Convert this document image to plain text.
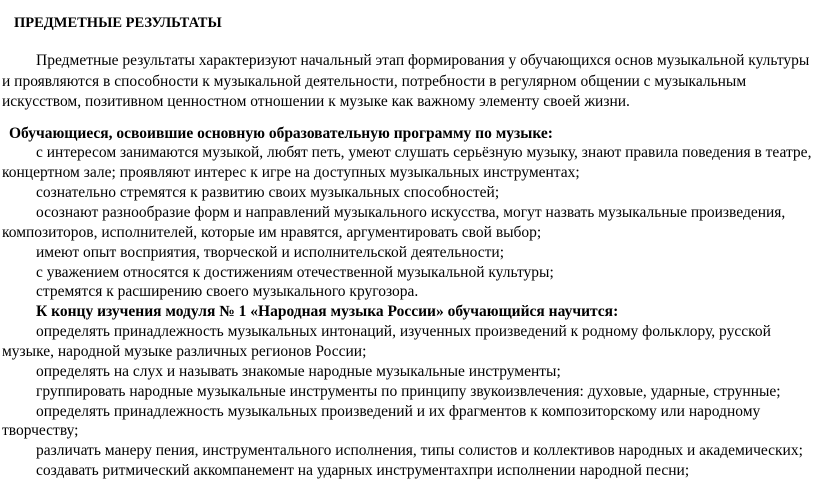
ПРЕДМЕТНЫЕ РЕЗУЛЬТАТЫ
Предметные результаты характеризуют начальный этап формирования у обучающихся основ музыкальной культуры
и проявляются в способности к музыкальной деятельности, потребности в регулярном общении с музыкальным
искусством, позитивном ценностном отношении к музыке как важному элементу своей жизни.
Обучающиеся, освоившие основную образовательную программу по музыке:
с интересом занимаются музыкой, любят петь, умеют слушать серьёзную музыку, знают правила поведения в театре,
концертном зале; проявляют интерес к игре на доступных музыкальных инструментах;
сознательно стремятся к развитию своих музыкальных способностей;
осознают разнообразие форм и направлений музыкального искусства, могут назвать музыкальные произведения,
композиторов, исполнителей, которые им нравятся, аргументировать свой выбор;
имеют опыт восприятия, творческой и исполнительской деятельности;
с уважением относятся к достижениям отечественной музыкальной культуры;
стремятся к расширению своего музыкального кругозора.
К концу изучения модуля № 1 «Народная музыка России» обучающийся научится:
определять принадлежность музыкальных интонаций, изученных произведений к родному фольклору, русской
музыке, народной музыке различных регионов России;
определять на слух и называть знакомые народные музыкальные инструменты;
группировать народные музыкальные инструменты по принципу звукоизвлечения: духовые, ударные, струнные;
определять принадлежность музыкальных произведений и их фрагментов к композиторскому или народному
творчеству;
различать манеру пения, инструментального исполнения, типы солистов и коллективов народных и академических;
создавать ритмический аккомпанемент на ударных инструментахпри исполнении народной песни;
